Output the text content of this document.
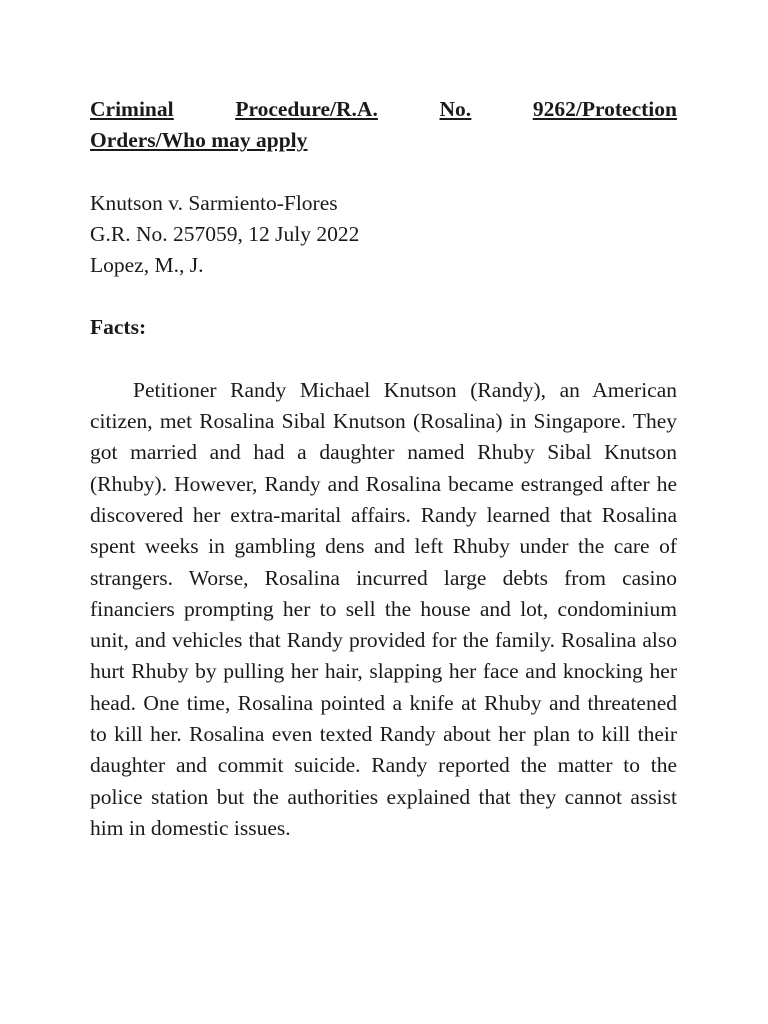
Criminal	Procedure/R.A.	No.	9262/Protection
Orders/Who may apply
Knutson v. Sarmiento-Flores
G.R. No. 257059, 12 July 2022
Lopez, M., J.
Facts:

Petitioner Randy Michael Knutson (Randy), an American citizen, met Rosalina Sibal Knutson (Rosalina) in Singapore. They got married and had a daughter named Rhuby Sibal Knutson (Rhuby). However, Randy and Rosalina became estranged after he discovered her extra-marital affairs. Randy learned that Rosalina spent weeks in gambling dens and left Rhuby under the care of strangers. Worse, Rosalina incurred large debts from casino financiers prompting her to sell the house and lot, condominium unit, and vehicles that Randy provided for the family. Rosalina also hurt Rhuby by pulling her hair, slapping her face and knocking her head. One time, Rosalina pointed a knife at Rhuby and threatened to kill her. Rosalina even texted Randy about her plan to kill their daughter and commit suicide. Randy reported the matter to the police station but the authorities explained that they cannot assist him in domestic issues.
